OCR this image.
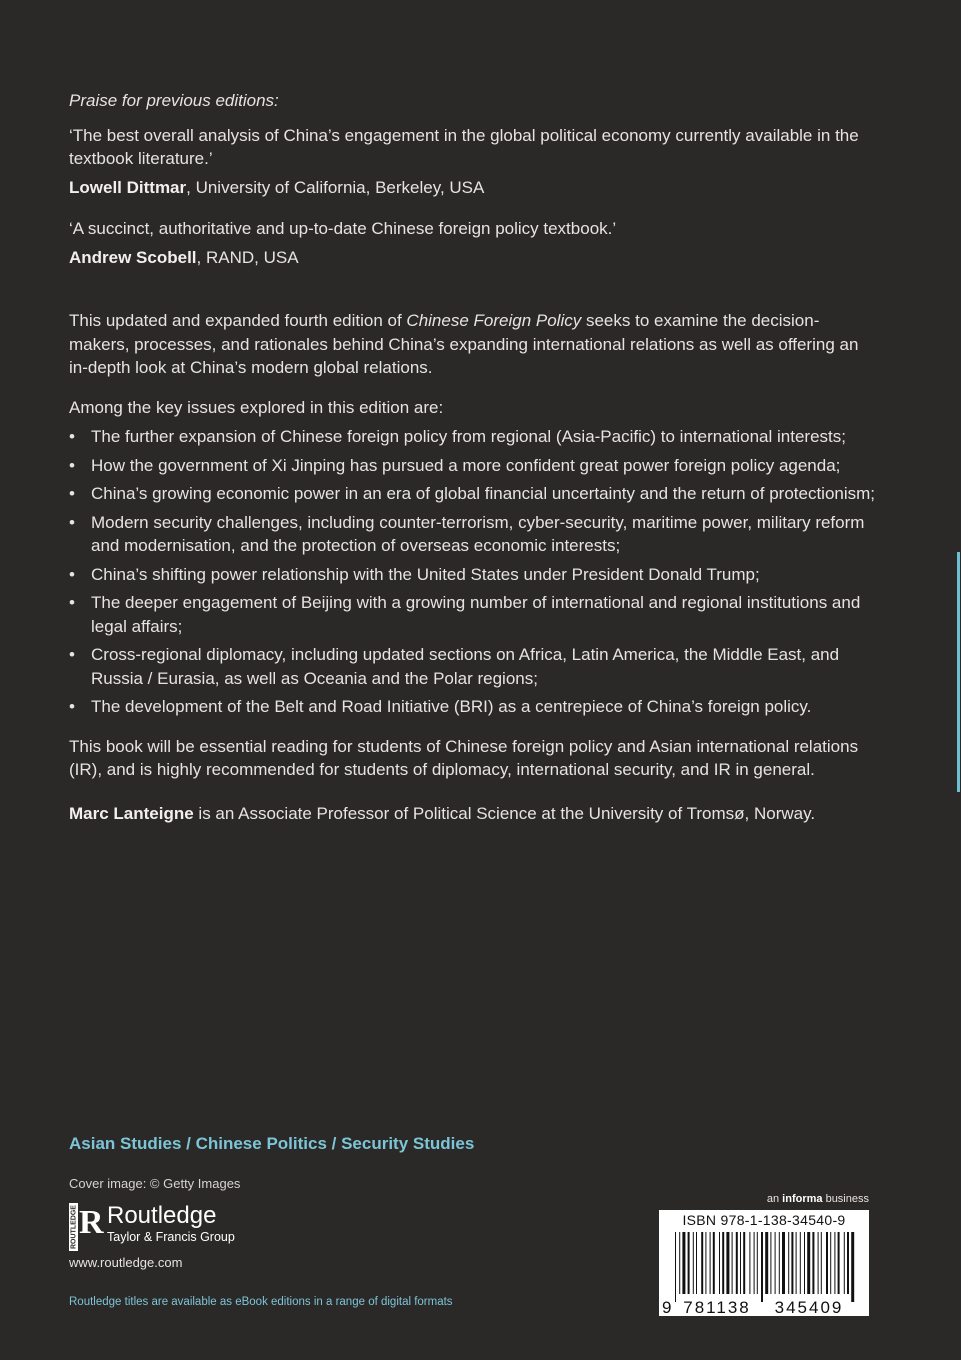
Praise for previous editions:

‘The best overall analysis of China’s engagement in the global political economy currently available in the textbook literature.’

Lowell Dittmar, University of California, Berkeley, USA

‘A succinct, authoritative and up-to-date Chinese foreign policy textbook.’

Andrew Scobell, RAND, USA

This updated and expanded fourth edition of Chinese Foreign Policy seeks to examine the decision-makers, processes, and rationales behind China’s expanding international relations as well as offering an in-depth look at China’s modern global relations.

Among the key issues explored in this edition are:

• The further expansion of Chinese foreign policy from regional (Asia-Pacific) to international interests;
• How the government of Xi Jinping has pursued a more confident great power foreign policy agenda;
• China’s growing economic power in an era of global financial uncertainty and the return of protectionism;
• Modern security challenges, including counter-terrorism, cyber-security, maritime power, military reform and modernisation, and the protection of overseas economic interests;
• China’s shifting power relationship with the United States under President Donald Trump;
• The deeper engagement of Beijing with a growing number of international and regional institutions and legal affairs;
• Cross-regional diplomacy, including updated sections on Africa, Latin America, the Middle East, and Russia / Eurasia, as well as Oceania and the Polar regions;
• The development of the Belt and Road Initiative (BRI) as a centrepiece of China’s foreign policy.

This book will be essential reading for students of Chinese foreign policy and Asian international relations (IR), and is highly recommended for students of diplomacy, international security, and IR in general.

Marc Lanteigne is an Associate Professor of Political Science at the University of Tromsø, Norway.

Asian Studies / Chinese Politics / Security Studies
Cover image: © Getty Images
ROUTLEDGE R Routledge
Taylor & Francis Group
www.routledge.com
Routledge titles are available as eBook editions in a range of digital formats
an informa business
ISBN 978-1-138-34540-9
9 781138 345409
